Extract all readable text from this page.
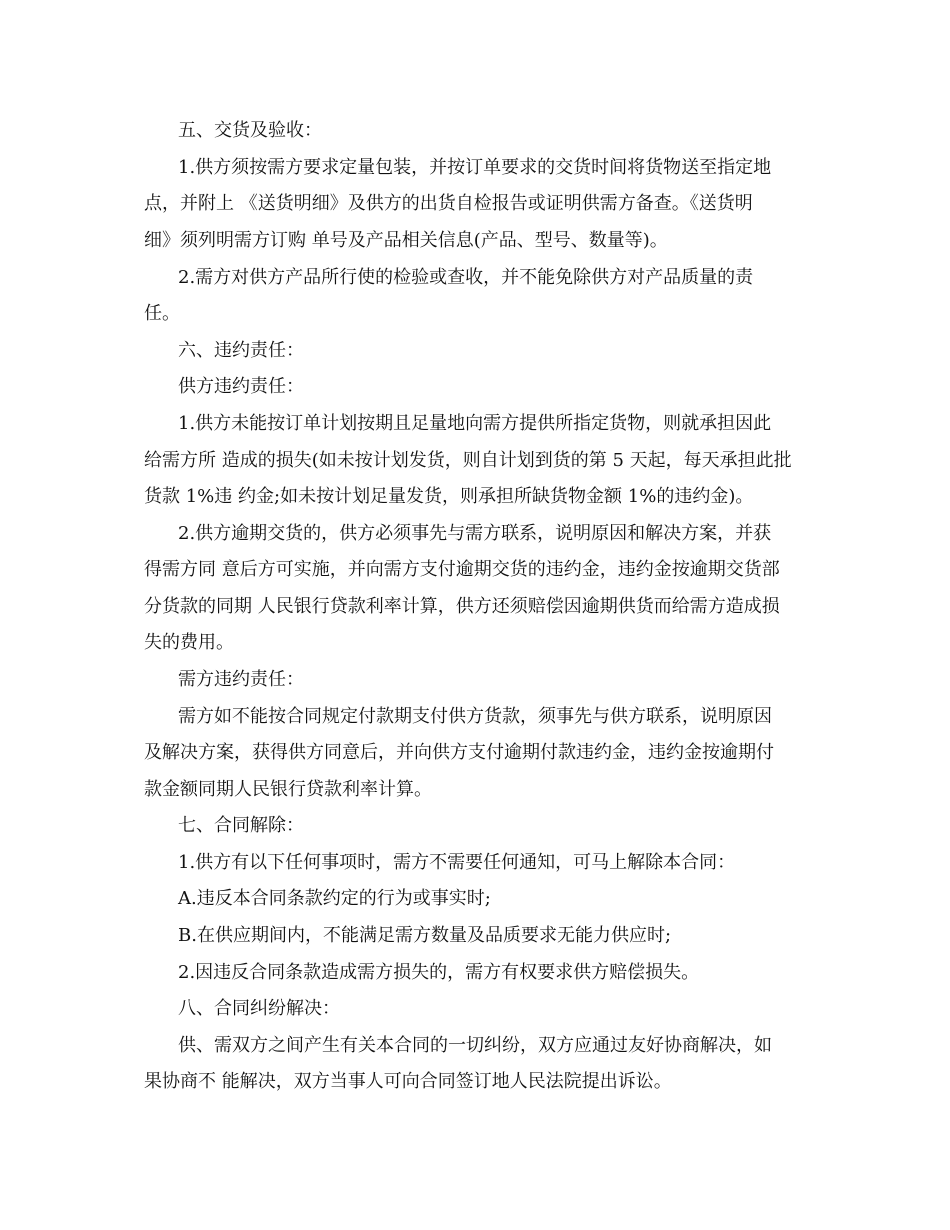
五、交货及验收：
1.供方须按需方要求定量包装，并按订单要求的交货时间将货物送至指定地
点，并附上 《送货明细》及供方的出货自检报告或证明供需方备查。《送货明
细》须列明需方订购 单号及产品相关信息(产品、型号、数量等)。
2.需方对供方产品所行使的检验或查收，并不能免除供方对产品质量的责
任。
六、违约责任：
供方违约责任：
1.供方未能按订单计划按期且足量地向需方提供所指定货物，则就承担因此
给需方所 造成的损失(如未按计划发货，则自计划到货的第 5 天起，每天承担此批
货款 1%违 约金;如未按计划足量发货，则承担所缺货物金额 1%的违约金)。
2.供方逾期交货的，供方必须事先与需方联系，说明原因和解决方案，并获
得需方同 意后方可实施，并向需方支付逾期交货的违约金，违约金按逾期交货部
分货款的同期 人民银行贷款利率计算，供方还须赔偿因逾期供货而给需方造成损
失的费用。
需方违约责任：
需方如不能按合同规定付款期支付供方货款，须事先与供方联系，说明原因
及解决方案，获得供方同意后，并向供方支付逾期付款违约金，违约金按逾期付
款金额同期人民银行贷款利率计算。
七、合同解除：
1.供方有以下任何事项时，需方不需要任何通知，可马上解除本合同：
A.违反本合同条款约定的行为或事实时;
B.在供应期间内，不能满足需方数量及品质要求无能力供应时;
2.因违反合同条款造成需方损失的，需方有权要求供方赔偿损失。
八、合同纠纷解决：
供、需双方之间产生有关本合同的一切纠纷，双方应通过友好协商解决，如
果协商不 能解决，双方当事人可向合同签订地人民法院提出诉讼。
